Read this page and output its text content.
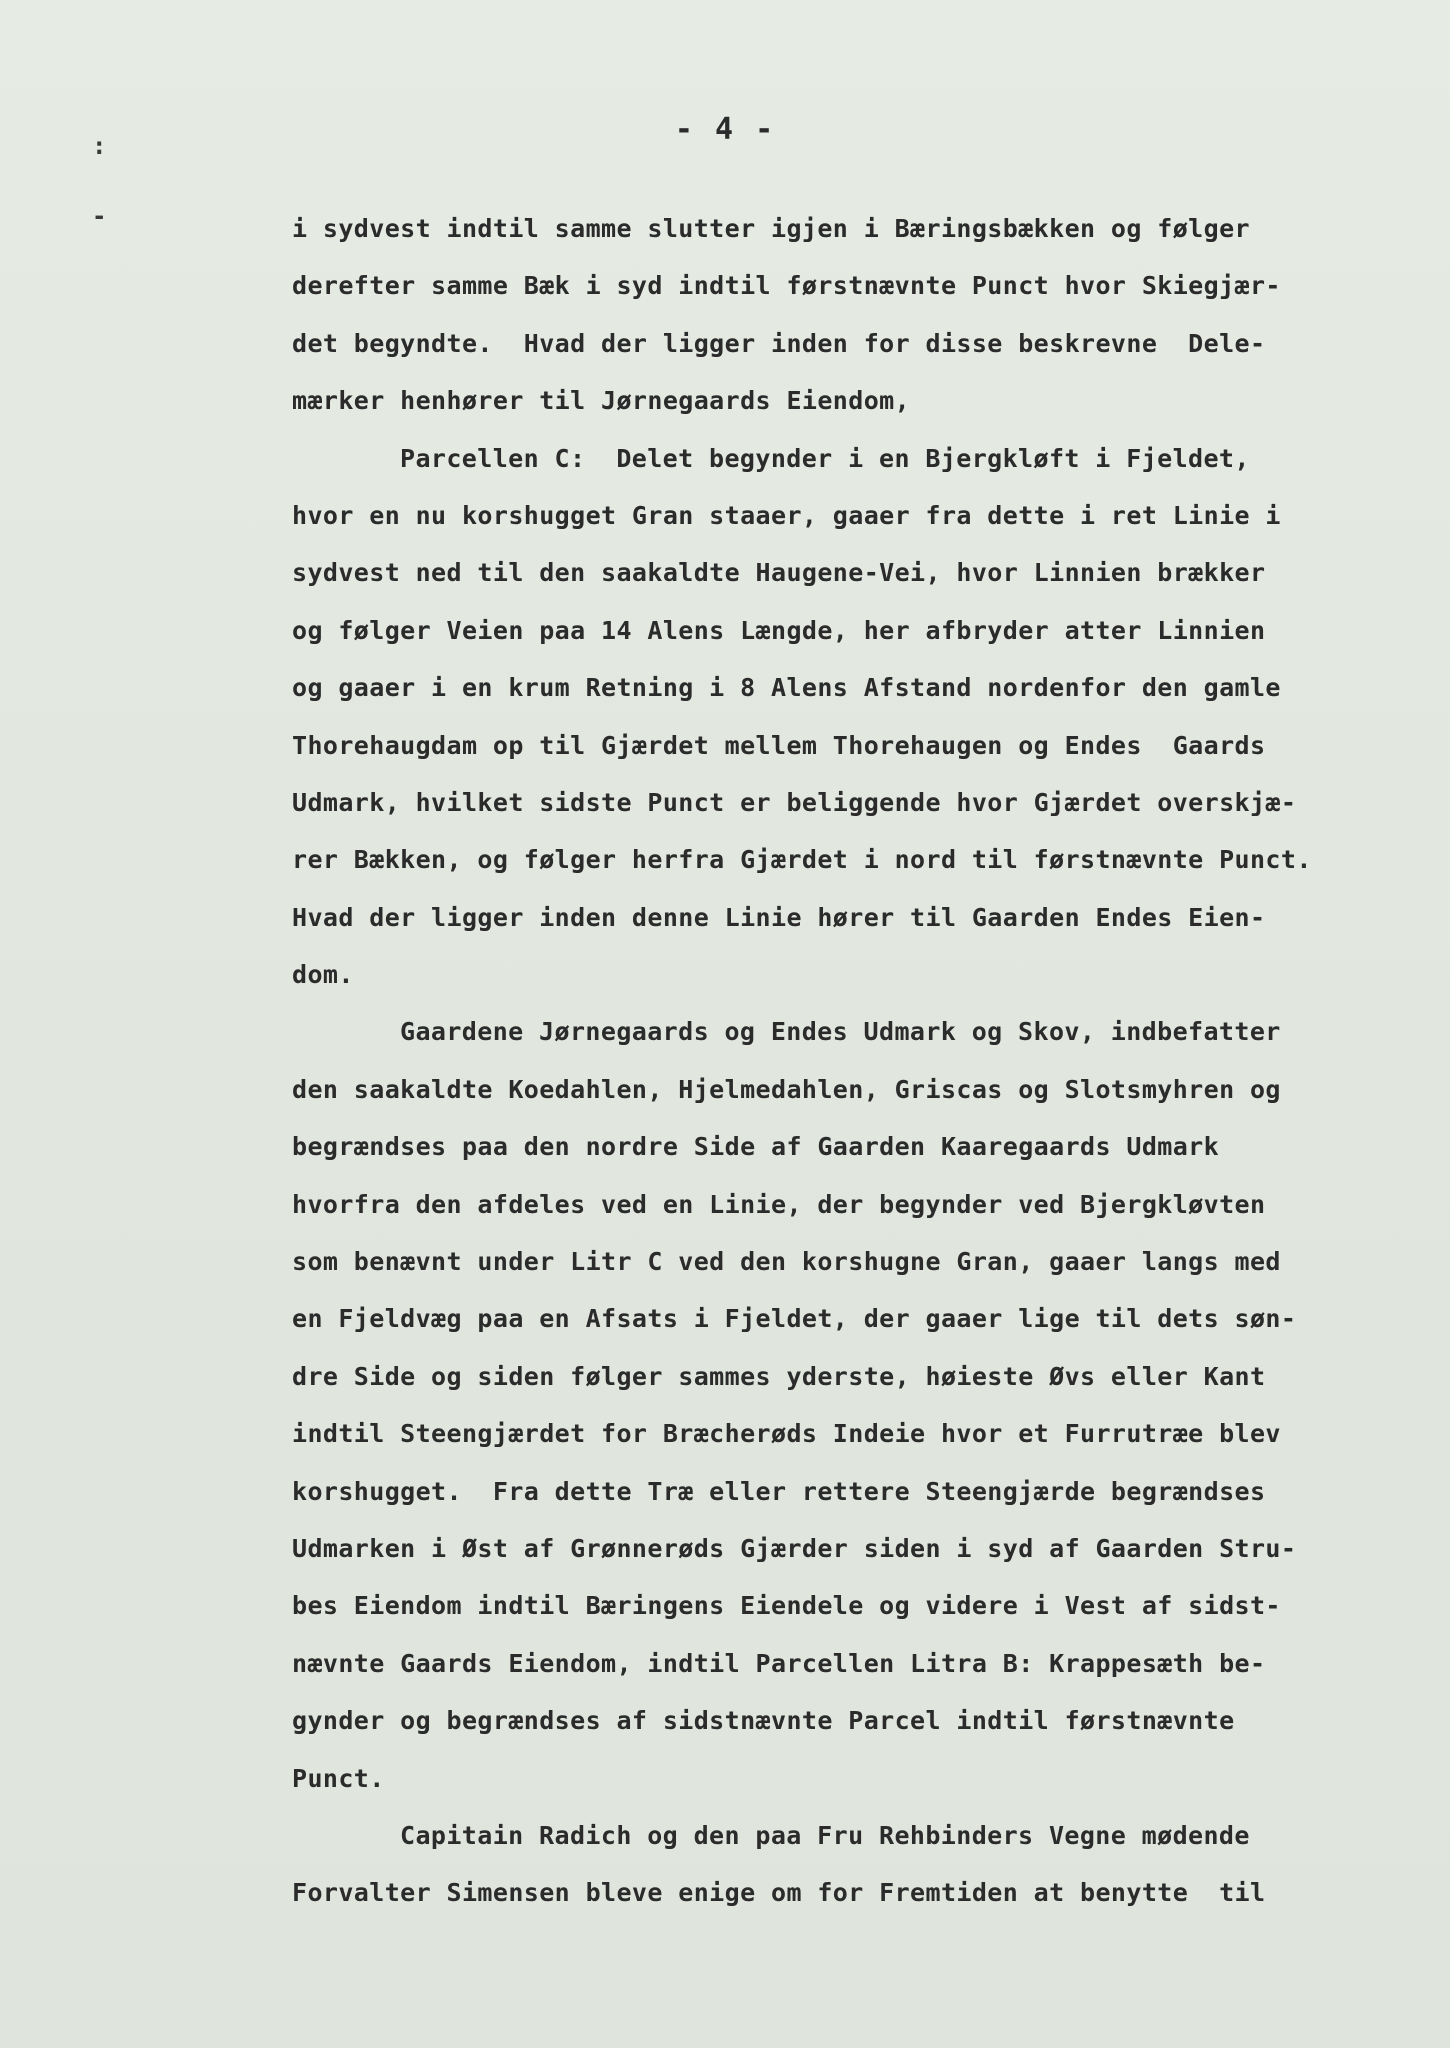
- 4 -
:
-	i sydvest indtil samme slutter igjen i Bæringsbækken og følger
derefter samme Bæk i syd indtil førstnævnte Punct hvor Skiegjær-
det begyndte.  Hvad der ligger inden for disse beskrevne  Dele-
mærker henhører til Jørnegaards Eiendom,
Parcellen C:  Delet begynder i en Bjergkløft i Fjeldet,
hvor en nu korshugget Gran staaer, gaaer fra dette i ret Linie i
sydvest ned til den saakaldte Haugene-Vei, hvor Linnien brækker
og følger Veien paa 14 Alens Længde, her afbryder atter Linnien
og gaaer i en krum Retning i 8 Alens Afstand nordenfor den gamle
Thorehaugdam op til Gjærdet mellem Thorehaugen og Endes  Gaards
Udmark, hvilket sidste Punct er beliggende hvor Gjærdet overskjæ-
rer Bækken, og følger herfra Gjærdet i nord til førstnævnte Punct.
Hvad der ligger inden denne Linie hører til Gaarden Endes Eien-
dom.
Gaardene Jørnegaards og Endes Udmark og Skov, indbefatter
den saakaldte Koedahlen, Hjelmedahlen, Griscas og Slotsmyhren og
begrændses paa den nordre Side af Gaarden Kaaregaards Udmark
hvorfra den afdeles ved en Linie, der begynder ved Bjergkløvten
som benævnt under Litr C ved den korshugne Gran, gaaer langs med
en Fjeldvæg paa en Afsats i Fjeldet, der gaaer lige til dets søn-
dre Side og siden følger sammes yderste, høieste Øvs eller Kant
indtil Steengjærdet for Bræcherøds Indeie hvor et Furrutræe blev
korshugget.  Fra dette Træ eller rettere Steengjærde begrændses
Udmarken i Øst af Grønnerøds Gjærder siden i syd af Gaarden Stru-
bes Eiendom indtil Bæringens Eiendele og videre i Vest af sidst-
nævnte Gaards Eiendom, indtil Parcellen Litra B: Krappesæth be-
gynder og begrændses af sidstnævnte Parcel indtil førstnævnte
Punct.
Capitain Radich og den paa Fru Rehbinders Vegne mødende
Forvalter Simensen bleve enige om for Fremtiden at benytte  til
